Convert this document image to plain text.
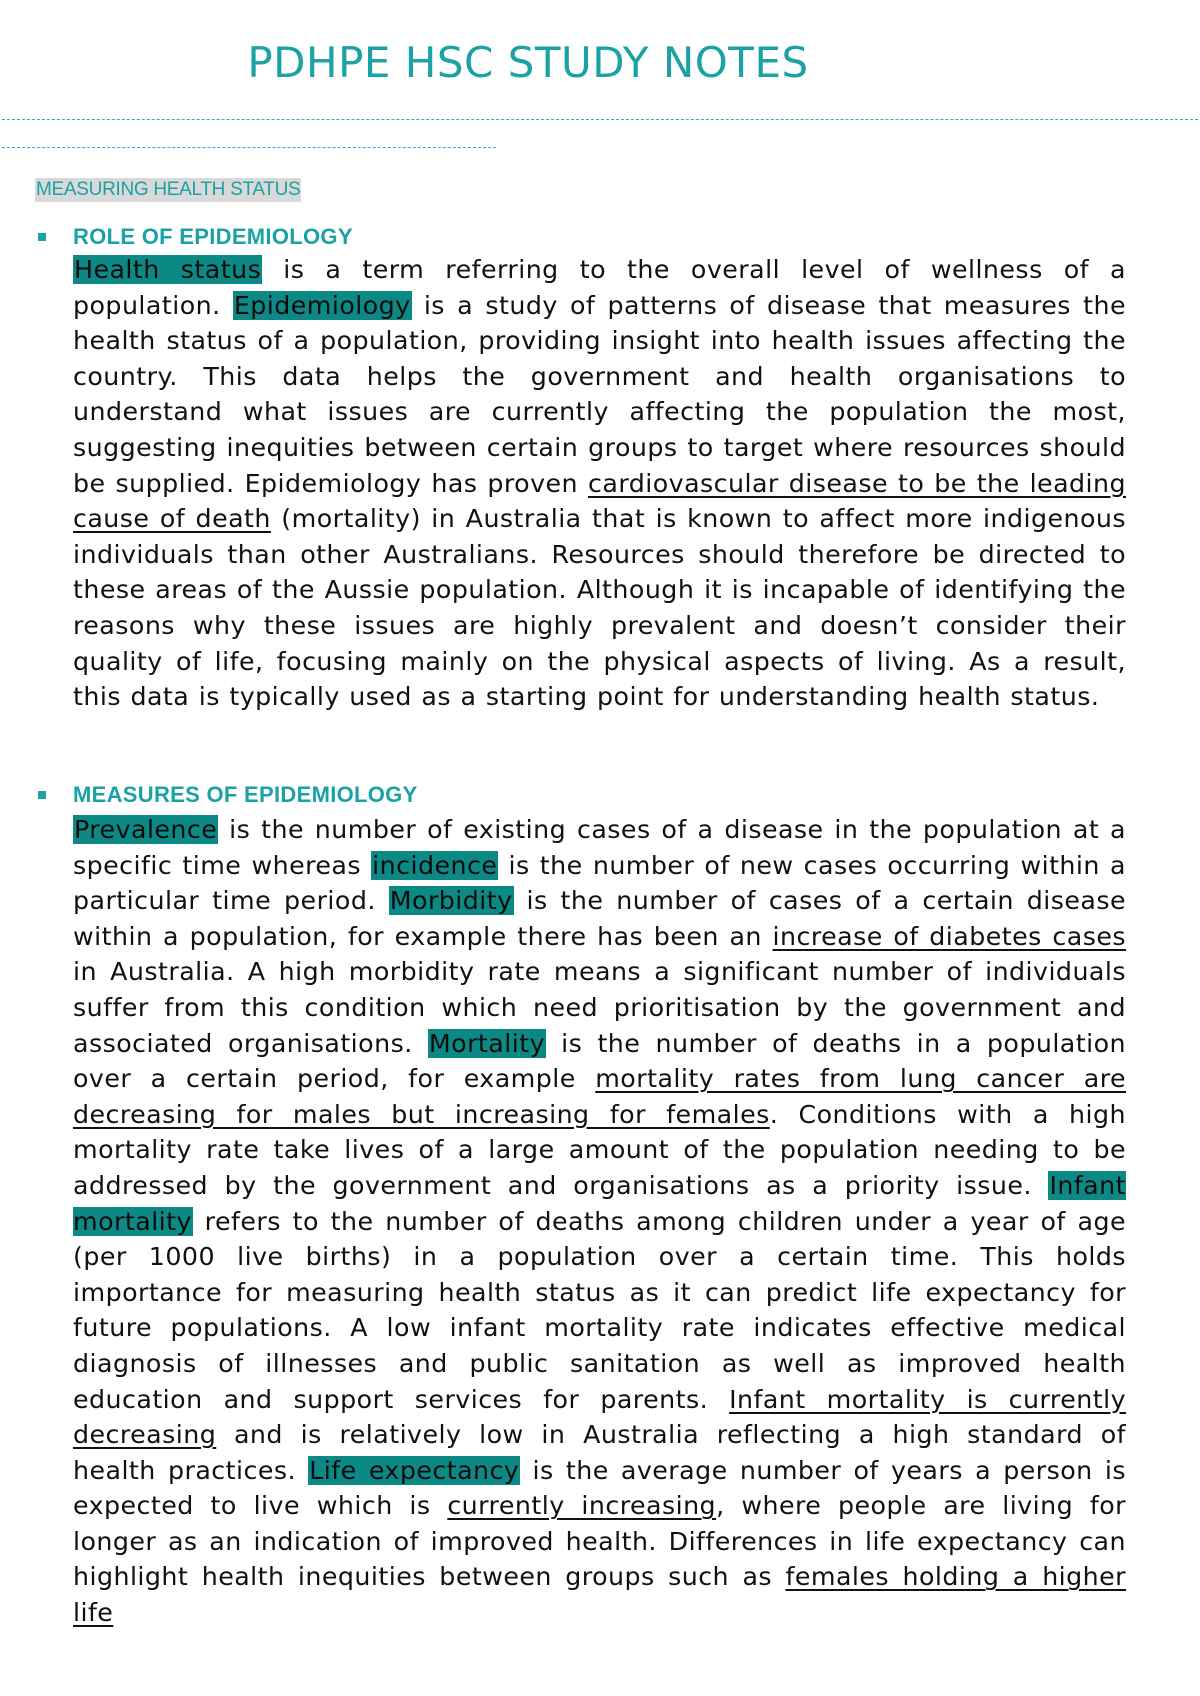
PDHPE HSC STUDY NOTES
MEASURING HEALTH STATUS
ROLE OF EPIDEMIOLOGY
Health status is a term referring to the overall level of wellness of a population. Epidemiology is a study of patterns of disease that measures the health status of a population, providing insight into health issues affecting the country. This data helps the government and health organisations to understand what issues are currently affecting the population the most, suggesting inequities between certain groups to target where resources should be supplied. Epidemiology has proven cardiovascular disease to be the leading cause of death (mortality) in Australia that is known to affect more indigenous individuals than other Australians. Resources should therefore be directed to these areas of the Aussie population. Although it is incapable of identifying the reasons why these issues are highly prevalent and doesn’t consider their quality of life, focusing mainly on the physical aspects of living. As a result, this data is typically used as a starting point for understanding health status.
MEASURES OF EPIDEMIOLOGY
Prevalence is the number of existing cases of a disease in the population at a specific time whereas incidence is the number of new cases occurring within a particular time period. Morbidity is the number of cases of a certain disease within a population, for example there has been an increase of diabetes cases in Australia. A high morbidity rate means a significant number of individuals suffer from this condition which need prioritisation by the government and associated organisations. Mortality is the number of deaths in a population over a certain period, for example mortality rates from lung cancer are decreasing for males but increasing for females. Conditions with a high mortality rate take lives of a large amount of the population needing to be addressed by the government and organisations as a priority issue. Infant mortality refers to the number of deaths among children under a year of age (per 1000 live births) in a population over a certain time. This holds importance for measuring health status as it can predict life expectancy for future populations. A low infant mortality rate indicates effective medical diagnosis of illnesses and public sanitation as well as improved health education and support services for parents. Infant mortality is currently decreasing and is relatively low in Australia reflecting a high standard of health practices. Life expectancy is the average number of years a person is expected to live which is currently increasing, where people are living for longer as an indication of improved health. Differences in life expectancy can highlight health inequities between groups such as females holding a higher life
